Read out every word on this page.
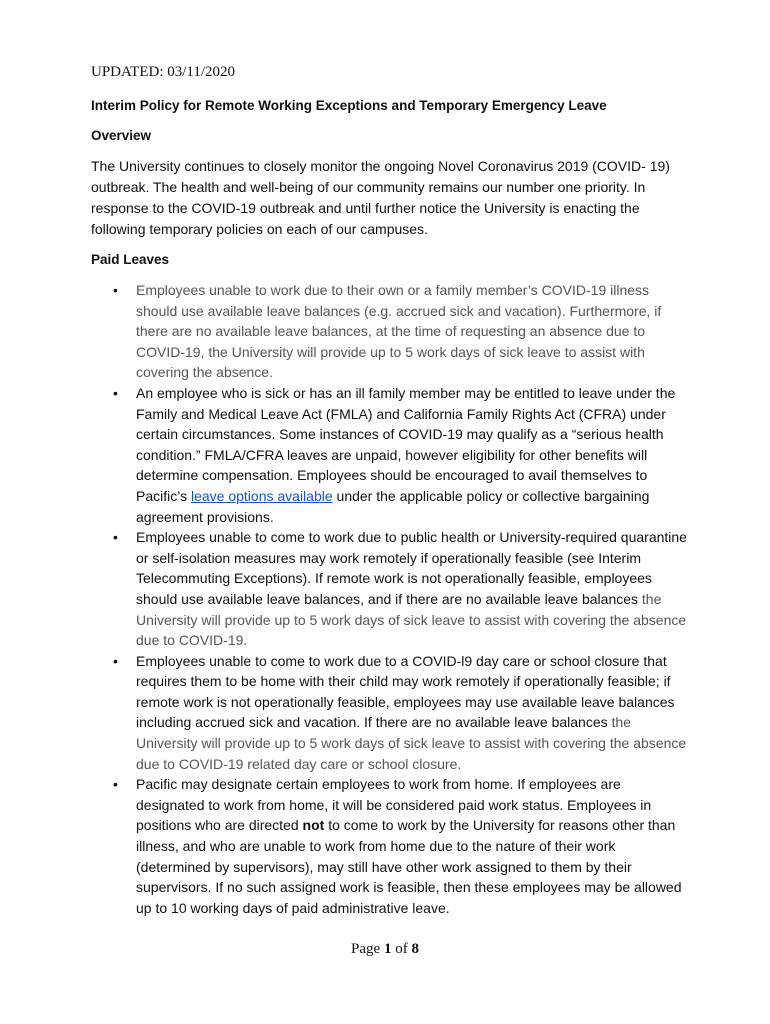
UPDATED: 03/11/2020
Interim Policy for Remote Working Exceptions and Temporary Emergency Leave
Overview
The University continues to closely monitor the ongoing Novel Coronavirus 2019 (COVID- 19) outbreak. The health and well-being of our community remains our number one priority. In response to the COVID-19 outbreak and until further notice the University is enacting the following temporary policies on each of our campuses.
Paid Leaves
• Employees unable to work due to their own or a family member’s COVID-19 illness should use available leave balances (e.g. accrued sick and vacation). Furthermore, if there are no available leave balances, at the time of requesting an absence due to COVID-19, the University will provide up to 5 work days of sick leave to assist with covering the absence.
• An employee who is sick or has an ill family member may be entitled to leave under the Family and Medical Leave Act (FMLA) and California Family Rights Act (CFRA) under certain circumstances. Some instances of COVID-19 may qualify as a “serious health condition.” FMLA/CFRA leaves are unpaid, however eligibility for other benefits will determine compensation. Employees should be encouraged to avail themselves to Pacific’s leave options available under the applicable policy or collective bargaining agreement provisions.
• Employees unable to come to work due to public health or University-required quarantine or self-isolation measures may work remotely if operationally feasible (see Interim Telecommuting Exceptions). If remote work is not operationally feasible, employees should use available leave balances, and if there are no available leave balances the University will provide up to 5 work days of sick leave to assist with covering the absence due to COVID-19.
• Employees unable to come to work due to a COVID-l9 day care or school closure that requires them to be home with their child may work remotely if operationally feasible; if remote work is not operationally feasible, employees may use available leave balances including accrued sick and vacation. If there are no available leave balances the University will provide up to 5 work days of sick leave to assist with covering the absence due to COVID-19 related day care or school closure.
• Pacific may designate certain employees to work from home. If employees are designated to work from home, it will be considered paid work status. Employees in positions who are directed not to come to work by the University for reasons other than illness, and who are unable to work from home due to the nature of their work (determined by supervisors), may still have other work assigned to them by their supervisors. If no such assigned work is feasible, then these employees may be allowed up to 10 working days of paid administrative leave.
Page 1 of 8
